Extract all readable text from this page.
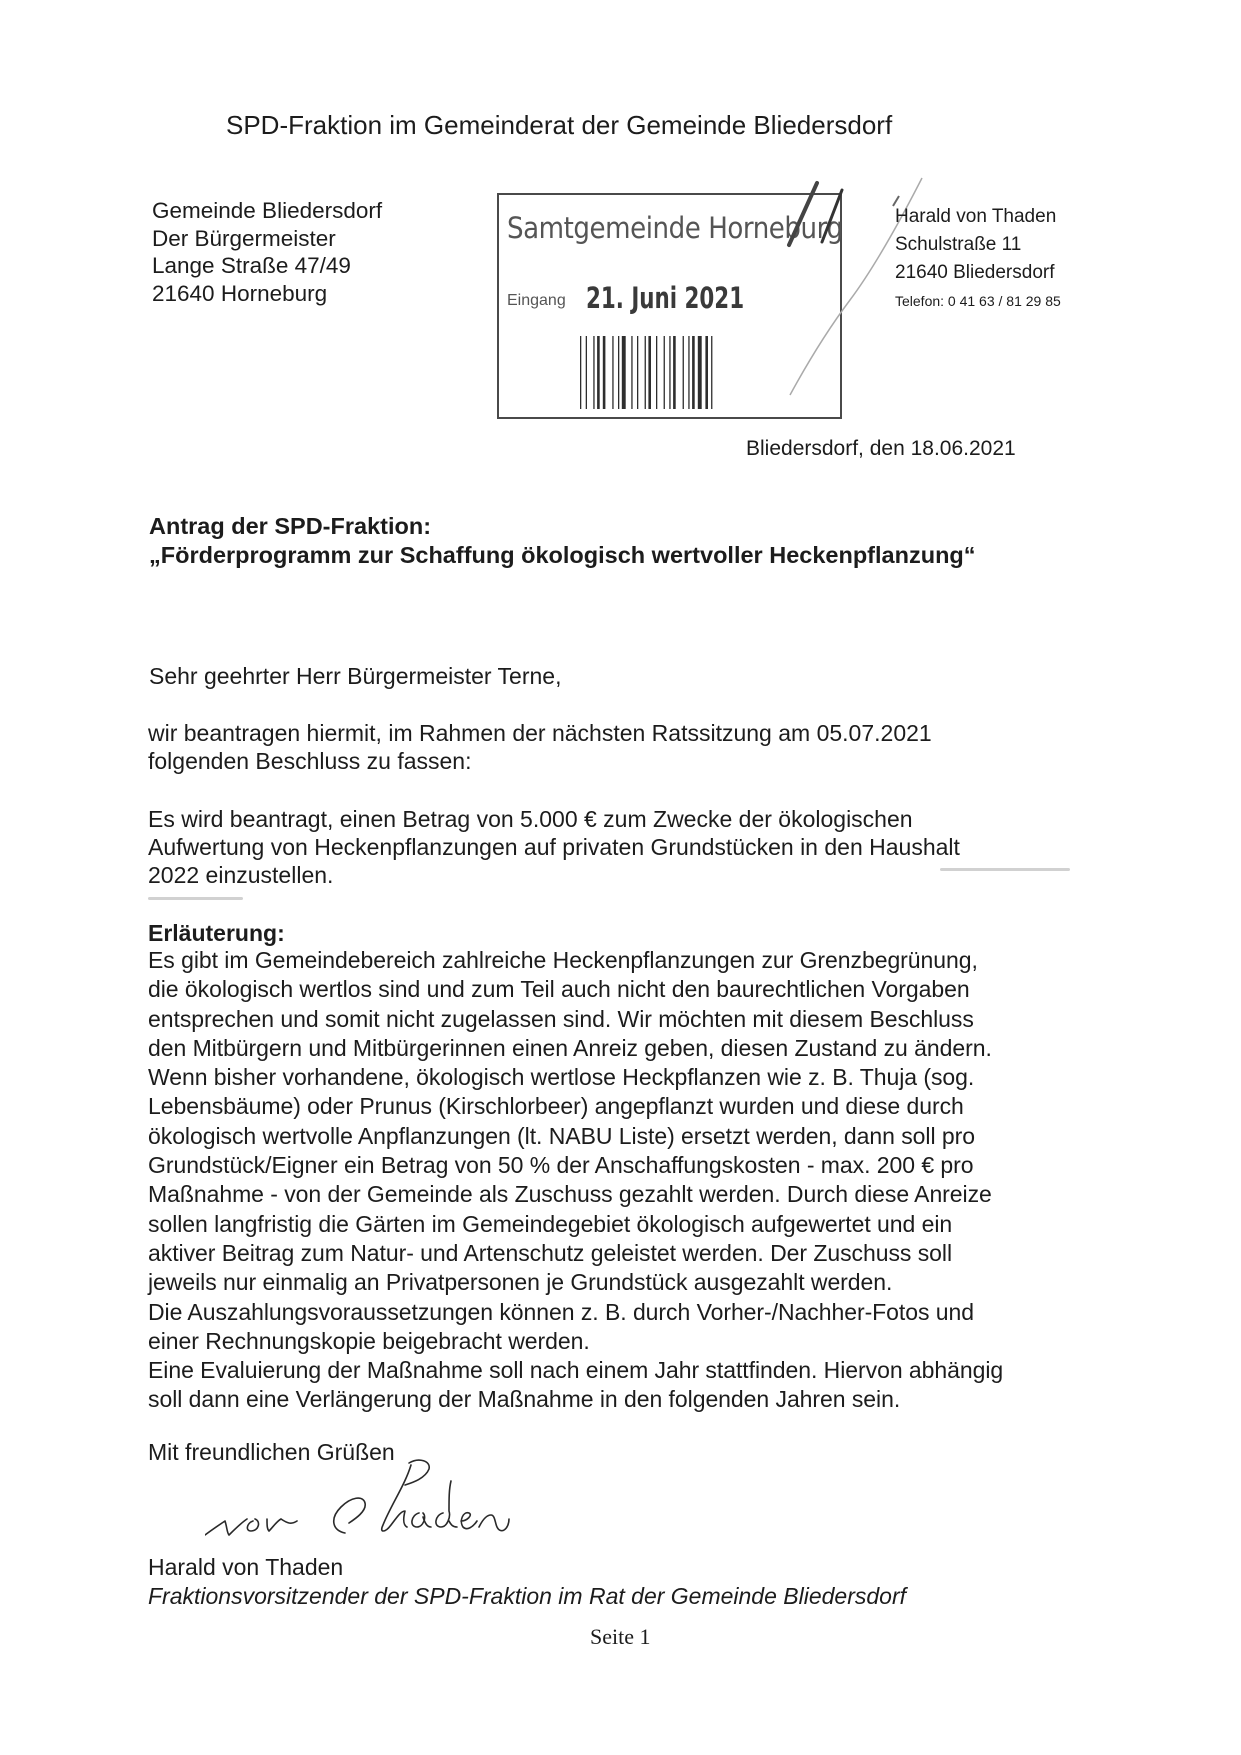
SPD-Fraktion im Gemeinderat der Gemeinde Bliedersdorf
Gemeinde Bliedersdorf
Der Bürgermeister
Lange Straße 47/49
21640 Horneburg
Samtgemeinde Horneburg
Eingang 21. Juni 2021
Harald von Thaden
Schulstraße 11
21640 Bliedersdorf
Telefon: 0 41 63 / 81 29 85
Bliedersdorf, den 18.06.2021
Antrag der SPD-Fraktion:
„Förderprogramm zur Schaffung ökologisch wertvoller Heckenpflanzung“
Sehr geehrter Herr Bürgermeister Terne,
wir beantragen hiermit, im Rahmen der nächsten Ratssitzung am 05.07.2021
folgenden Beschluss zu fassen:
Es wird beantragt, einen Betrag von 5.000 € zum Zwecke der ökologischen
Aufwertung von Heckenpflanzungen auf privaten Grundstücken in den Haushalt
2022 einzustellen.
Erläuterung:
Es gibt im Gemeindebereich zahlreiche Heckenpflanzungen zur Grenzbegrünung,
die ökologisch wertlos sind und zum Teil auch nicht den baurechtlichen Vorgaben
entsprechen und somit nicht zugelassen sind. Wir möchten mit diesem Beschluss
den Mitbürgern und Mitbürgerinnen einen Anreiz geben, diesen Zustand zu ändern.
Wenn bisher vorhandene, ökologisch wertlose Heckpflanzen wie z. B. Thuja (sog.
Lebensbäume) oder Prunus (Kirschlorbeer) angepflanzt wurden und diese durch
ökologisch wertvolle Anpflanzungen (lt. NABU Liste) ersetzt werden, dann soll pro
Grundstück/Eigner ein Betrag von 50 % der Anschaffungskosten - max. 200 € pro
Maßnahme - von der Gemeinde als Zuschuss gezahlt werden. Durch diese Anreize
sollen langfristig die Gärten im Gemeindegebiet ökologisch aufgewertet und ein
aktiver Beitrag zum Natur- und Artenschutz geleistet werden. Der Zuschuss soll
jeweils nur einmalig an Privatpersonen je Grundstück ausgezahlt werden.
Die Auszahlungsvoraussetzungen können z. B. durch Vorher-/Nachher-Fotos und
einer Rechnungskopie beigebracht werden.
Eine Evaluierung der Maßnahme soll nach einem Jahr stattfinden. Hiervon abhängig
soll dann eine Verlängerung der Maßnahme in den folgenden Jahren sein.
Mit freundlichen Grüßen
Harald von Thaden
Fraktionsvorsitzender der SPD-Fraktion im Rat der Gemeinde Bliedersdorf
Seite 1
